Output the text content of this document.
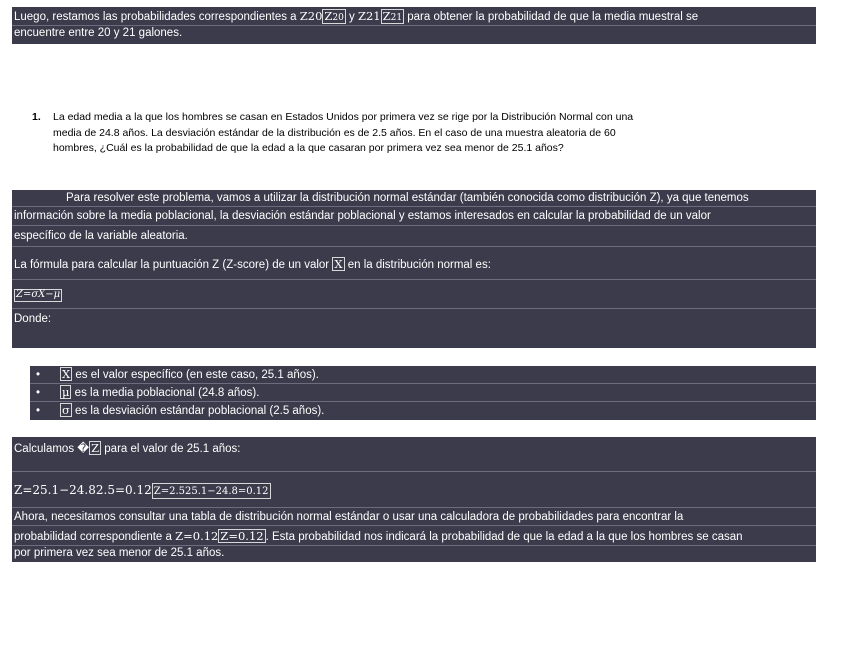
Luego, restamos las probabilidades correspondientes a Z20 Z20 y Z21 Z21 para obtener la probabilidad de que la media muestral se
encuentre entre 20 y 21 galones.
1. La edad media a la que los hombres se casan en Estados Unidos por primera vez se rige por la Distribución Normal con una
media de 24.8 años. La desviación estándar de la distribución es de 2.5 años. En el caso de una muestra aleatoria de 60
hombres, ¿Cuál es la probabilidad de que la edad a la que casaran por primera vez sea menor de 25.1 años?
Para resolver este problema, vamos a utilizar la distribución normal estándar (también conocida como distribución Z), ya que tenemos
información sobre la media poblacional, la desviación estándar poblacional y estamos interesados en calcular la probabilidad de un valor
específico de la variable aleatoria.
La fórmula para calcular la puntuación Z (Z-score) de un valor X en la distribución normal es:
Z=σX−μ
Donde:
• X es el valor específico (en este caso, 25.1 años).
• μ es la media poblacional (24.8 años).
• σ es la desviación estándar poblacional (2.5 años).
Calculamos � Z para el valor de 25.1 años:
Z=25.1−24.82.5=0.12 Z=2.525.1−24.8=0.12
Ahora, necesitamos consultar una tabla de distribución normal estándar o usar una calculadora de probabilidades para encontrar la
probabilidad correspondiente a Z=0.12 Z=0.12 . Esta probabilidad nos indicará la probabilidad de que la edad a la que los hombres se casan
por primera vez sea menor de 25.1 años.
